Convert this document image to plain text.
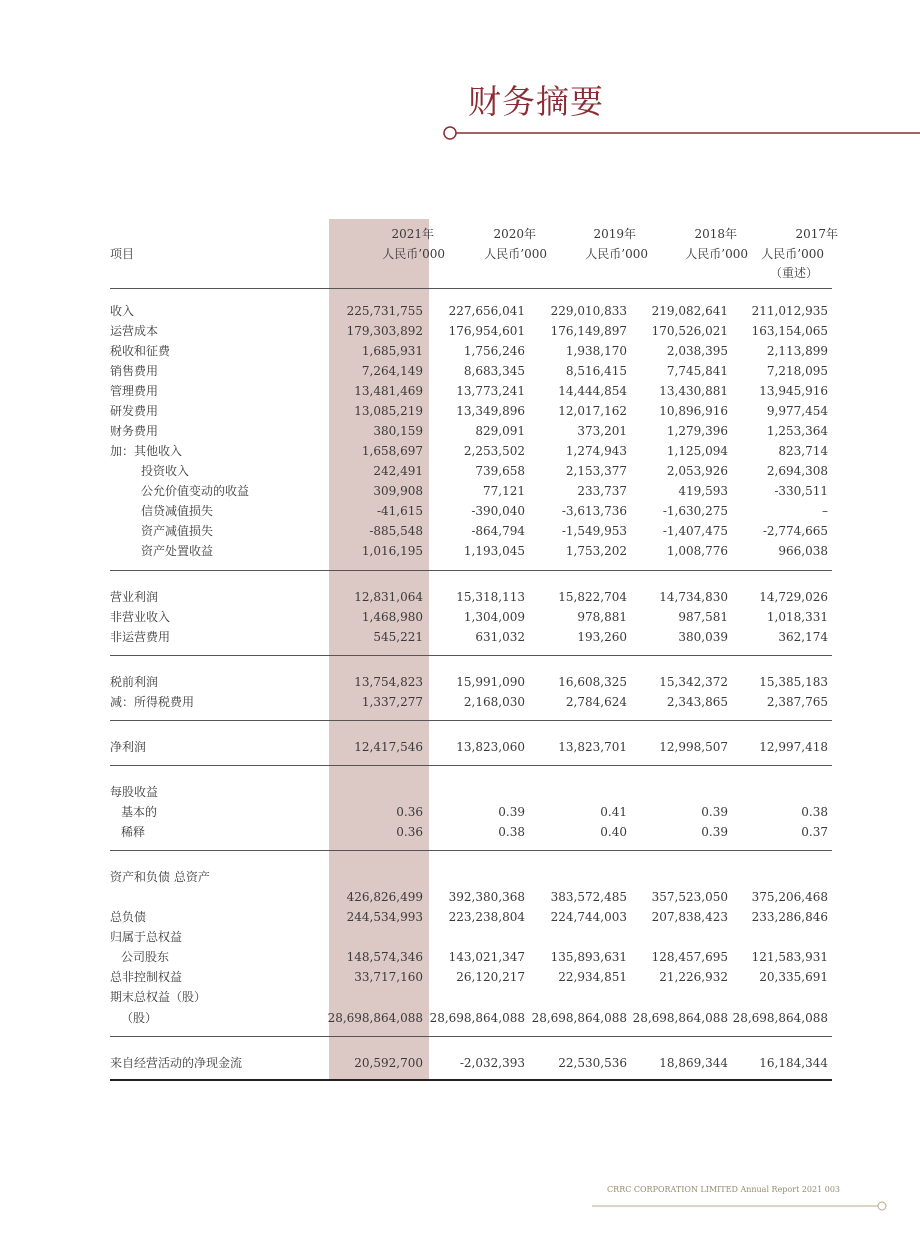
财务摘要
项目
2021年	2020年	2019年	2018年	2017年
人民币’000	人民币’000	人民币’000	人民币’000 人民币’000
（重述）
收入	225,731,755 227,656,041 229,010,833 219,082,641 211,012,935
运营成本	179,303,892 176,954,601 176,149,897 170,526,021 163,154,065
税收和征费	1,685,931	1,756,246	1,938,170	2,038,395	2,113,899
销售费用	7,264,149	8,683,345	8,516,415	7,745,841	7,218,095
管理费用	13,481,469	13,773,241	14,444,854	13,430,881	13,945,916
研发费用	13,085,219	13,349,896	12,017,162	10,896,916	9,977,454
财务费用	380,159	829,091	373,201	1,279,396	1,253,364
加：其他收入	1,658,697	2,253,502	1,274,943	1,125,094	823,714
投资收入	242,491	739,658	2,153,377	2,053,926	2,694,308
公允价值变动的收益	309,908	77,121	233,737	419,593	-330,511
信贷减值损失	-41,615	-390,040	-3,613,736	-1,630,275	–
资产减值损失	-885,548	-864,794	-1,549,953	-1,407,475	-2,774,665
资产处置收益	1,016,195	1,193,045	1,753,202	1,008,776	966,038
营业利润	12,831,064	15,318,113	15,822,704	14,734,830	14,729,026
非营业收入	1,468,980	1,304,009	978,881	987,581	1,018,331
非运营费用	545,221	631,032	193,260	380,039	362,174
税前利润	13,754,823	15,991,090	16,608,325	15,342,372	15,385,183
减：所得税费用	1,337,277	2,168,030	2,784,624	2,343,865	2,387,765
净利润	12,417,546	13,823,060	13,823,701	12,998,507	12,997,418
每股收益
基本的	0.36	0.39	0.41	0.39	0.38
稀释	0.36	0.38	0.40	0.39	0.37
资产和负债 总资产
426,826,499 392,380,368 383,572,485 357,523,050 375,206,468
总负债	244,534,993 223,238,804 224,744,003 207,838,423 233,286,846
归属于总权益
公司股东	148,574,346 143,021,347 135,893,631 128,457,695 121,583,931
总非控制权益	33,717,160	26,120,217	22,934,851	21,226,932	20,335,691
期末总权益（股）
（股）	28,698,864,088 28,698,864,088 28,698,864,088 28,698,864,088 28,698,864,088
来自经营活动的净现金流	20,592,700	-2,032,393	22,530,536	18,869,344	16,184,344
CRRC CORPORATION LIMITED Annual Report 2021 003
